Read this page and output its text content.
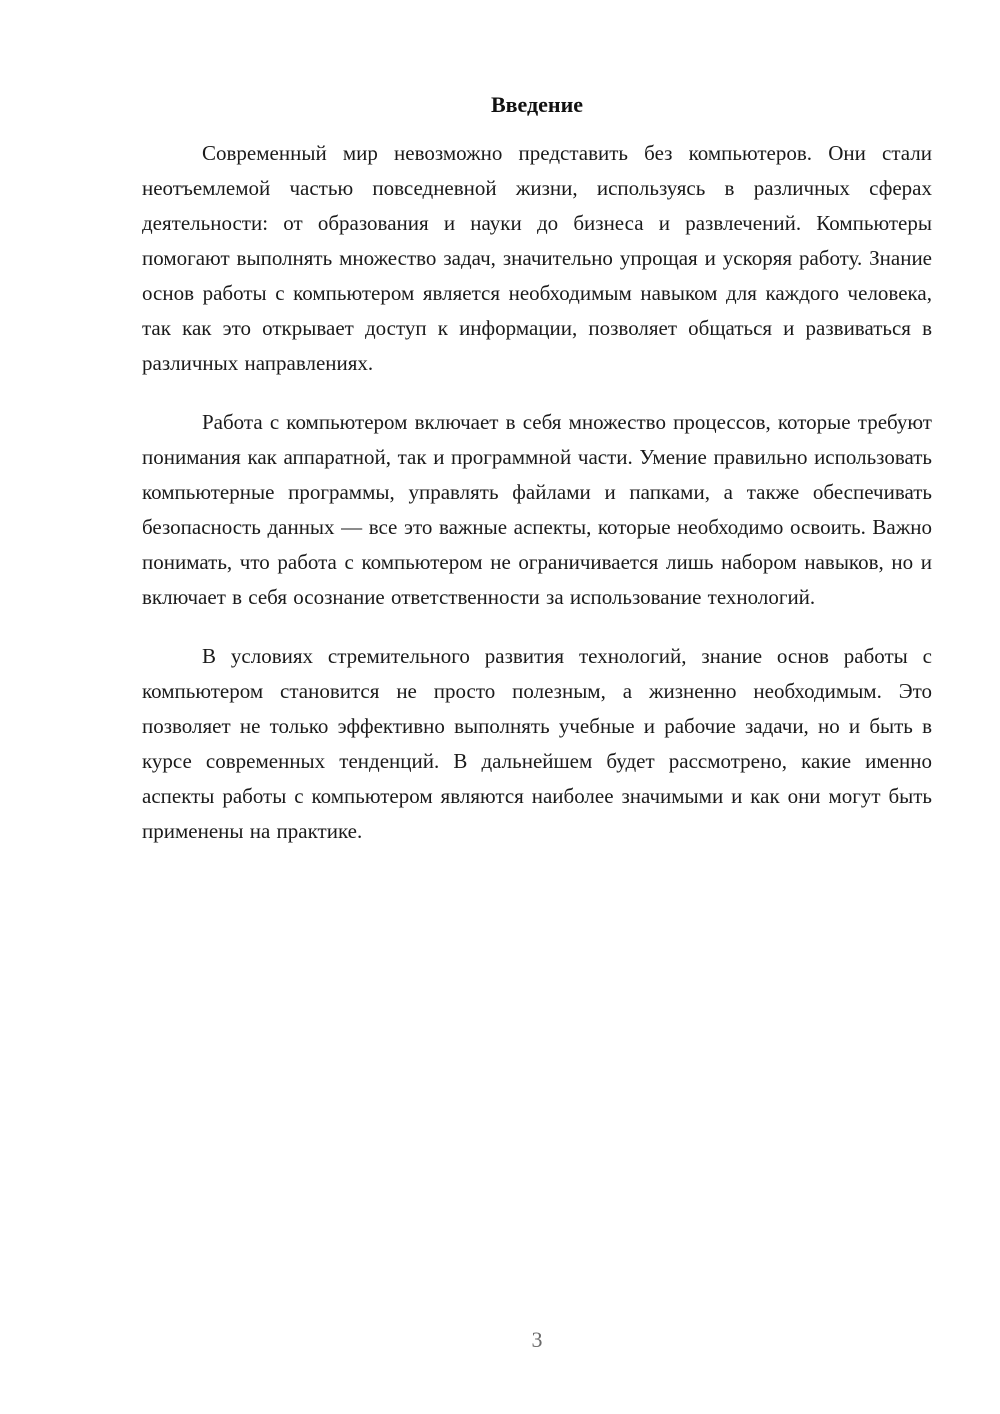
Введение

Современный мир невозможно представить без компьютеров. Они стали неотъемлемой частью повседневной жизни, используясь в различных сферах деятельности: от образования и науки до бизнеса и развлечений. Компьютеры помогают выполнять множество задач, значительно упрощая и ускоряя работу. Знание основ работы с компьютером является необходимым навыком для каждого человека, так как это открывает доступ к информации, позволяет общаться и развиваться в различных направлениях.

Работа с компьютером включает в себя множество процессов, которые требуют понимания как аппаратной, так и программной части. Умение правильно использовать компьютерные программы, управлять файлами и папками, а также обеспечивать безопасность данных — все это важные аспекты, которые необходимо освоить. Важно понимать, что работа с компьютером не ограничивается лишь набором навыков, но и включает в себя осознание ответственности за использование технологий.

В условиях стремительного развития технологий, знание основ работы с компьютером становится не просто полезным, а жизненно необходимым. Это позволяет не только эффективно выполнять учебные и рабочие задачи, но и быть в курсе современных тенденций. В дальнейшем будет рассмотрено, какие именно аспекты работы с компьютером являются наиболее значимыми и как они могут быть применены на практике.

3
